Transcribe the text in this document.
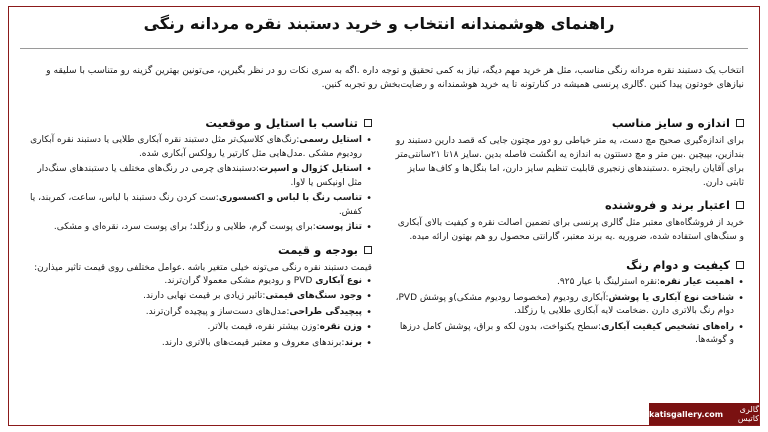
راهنمای هوشمندانه انتخاب و خرید دستبند نقره مردانه رنگی

انتخاب یک دستبند نقره مردانه رنگی مناسب، مثل هر خرید مهم دیگه، نیاز به کمی تحقیق و توجه داره .اگه به سری نکات رو در نظر بگیرین، می‌تونین بهترین گزینه رو متناسب با سلیقه و نیازهای خودتون پیدا کنین .گالری پرنسی همیشه در کنارتونه تا یه خرید هوشمندانه و رضایت‌بخش رو تجربه کنین.

اندازه و سایز مناسب

برای اندازه‌گیری صحیح مچ دست، یه متر خیاطی رو دور مچتون جایی که قصد دارین دستبند رو بندازین، بپیچین .بین متر و مچ دستتون به اندازه یه انگشت فاصله بدین .سایز ۱۸تا ۲۱سانتی‌متر برای آقایان رایجتره .دستبندهای زنجیری قابلیت تنظیم سایز دارن، اما بنگل‌ها و کاف‌ها سایز ثابتی دارن.

اعتبار برند و فروشنده

خرید از فروشگاه‌های معتبر مثل گالری پرنسی برای تضمین اصالت نقره و کیفیت بالای آبکاری و سنگ‌های استفاده شده، ضروریه .یه برند معتبر، گارانتی محصول رو هم بهتون ارائه میده.

کیفیت و دوام رنگ
• اهمیت عیار نقره:نقره استرلینگ با عیار ۹۲۵.
• شناخت نوع آبکاری یا پوشش:آبکاری رودیوم (مخصوصا رودیوم مشکی)و پوشش PVD، دوام رنگ بالاتری دارن .ضخامت لایه آبکاری طلایی یا رزگلد.
• راه‌های تشخیص کیفیت آبکاری:سطح یکنواخت، بدون لکه و براق، پوشش کامل درزها و گوشه‌ها.
تناسب با استایل و موقعیت
• استایل رسمی:رنگ‌های کلاسیک‌تر مثل دستبند نقره آبکاری طلایی یا دستبند نقره آبکاری رودیوم مشکی .مدل‌هایی مثل کارتیر یا رولکس آبکاری شده.
• استایل کژوال و اسپرت:دستبندهای چرمی در رنگ‌های مختلف یا دستبندهای سنگ‌دار مثل اونیکس یا لاوا.
• تناسب رنگ با لباس و اکسسوری:ست کردن رنگ دستبند با لباس، ساعت، کمربند، یا کفش.
• تناژ پوست:برای پوست گرم، طلایی و رزگلد؛ برای پوست سرد، نقره‌ای و مشکی.
بودجه و قیمت

قیمت دستبند نقره رنگی می‌تونه خیلی متغیر باشه .عوامل مختلفی روی قیمت تاثیر میذارن:

• نوع آبکاری PVD و رودیوم مشکی معمولا گران‌ترند.
• وجود سنگ‌های قیمتی:تاثیر زیادی بر قیمت نهایی دارند.
• پیچیدگی طراحی:مدل‌های دست‌ساز و پیچیده گران‌ترند.
• وزن نقره:وزن بیشتر نقره، قیمت بالاتر.
• برند:برندهای معروف و معتبر قیمت‌های بالاتری دارند.
گالری کاتیس
katisgallery.com
